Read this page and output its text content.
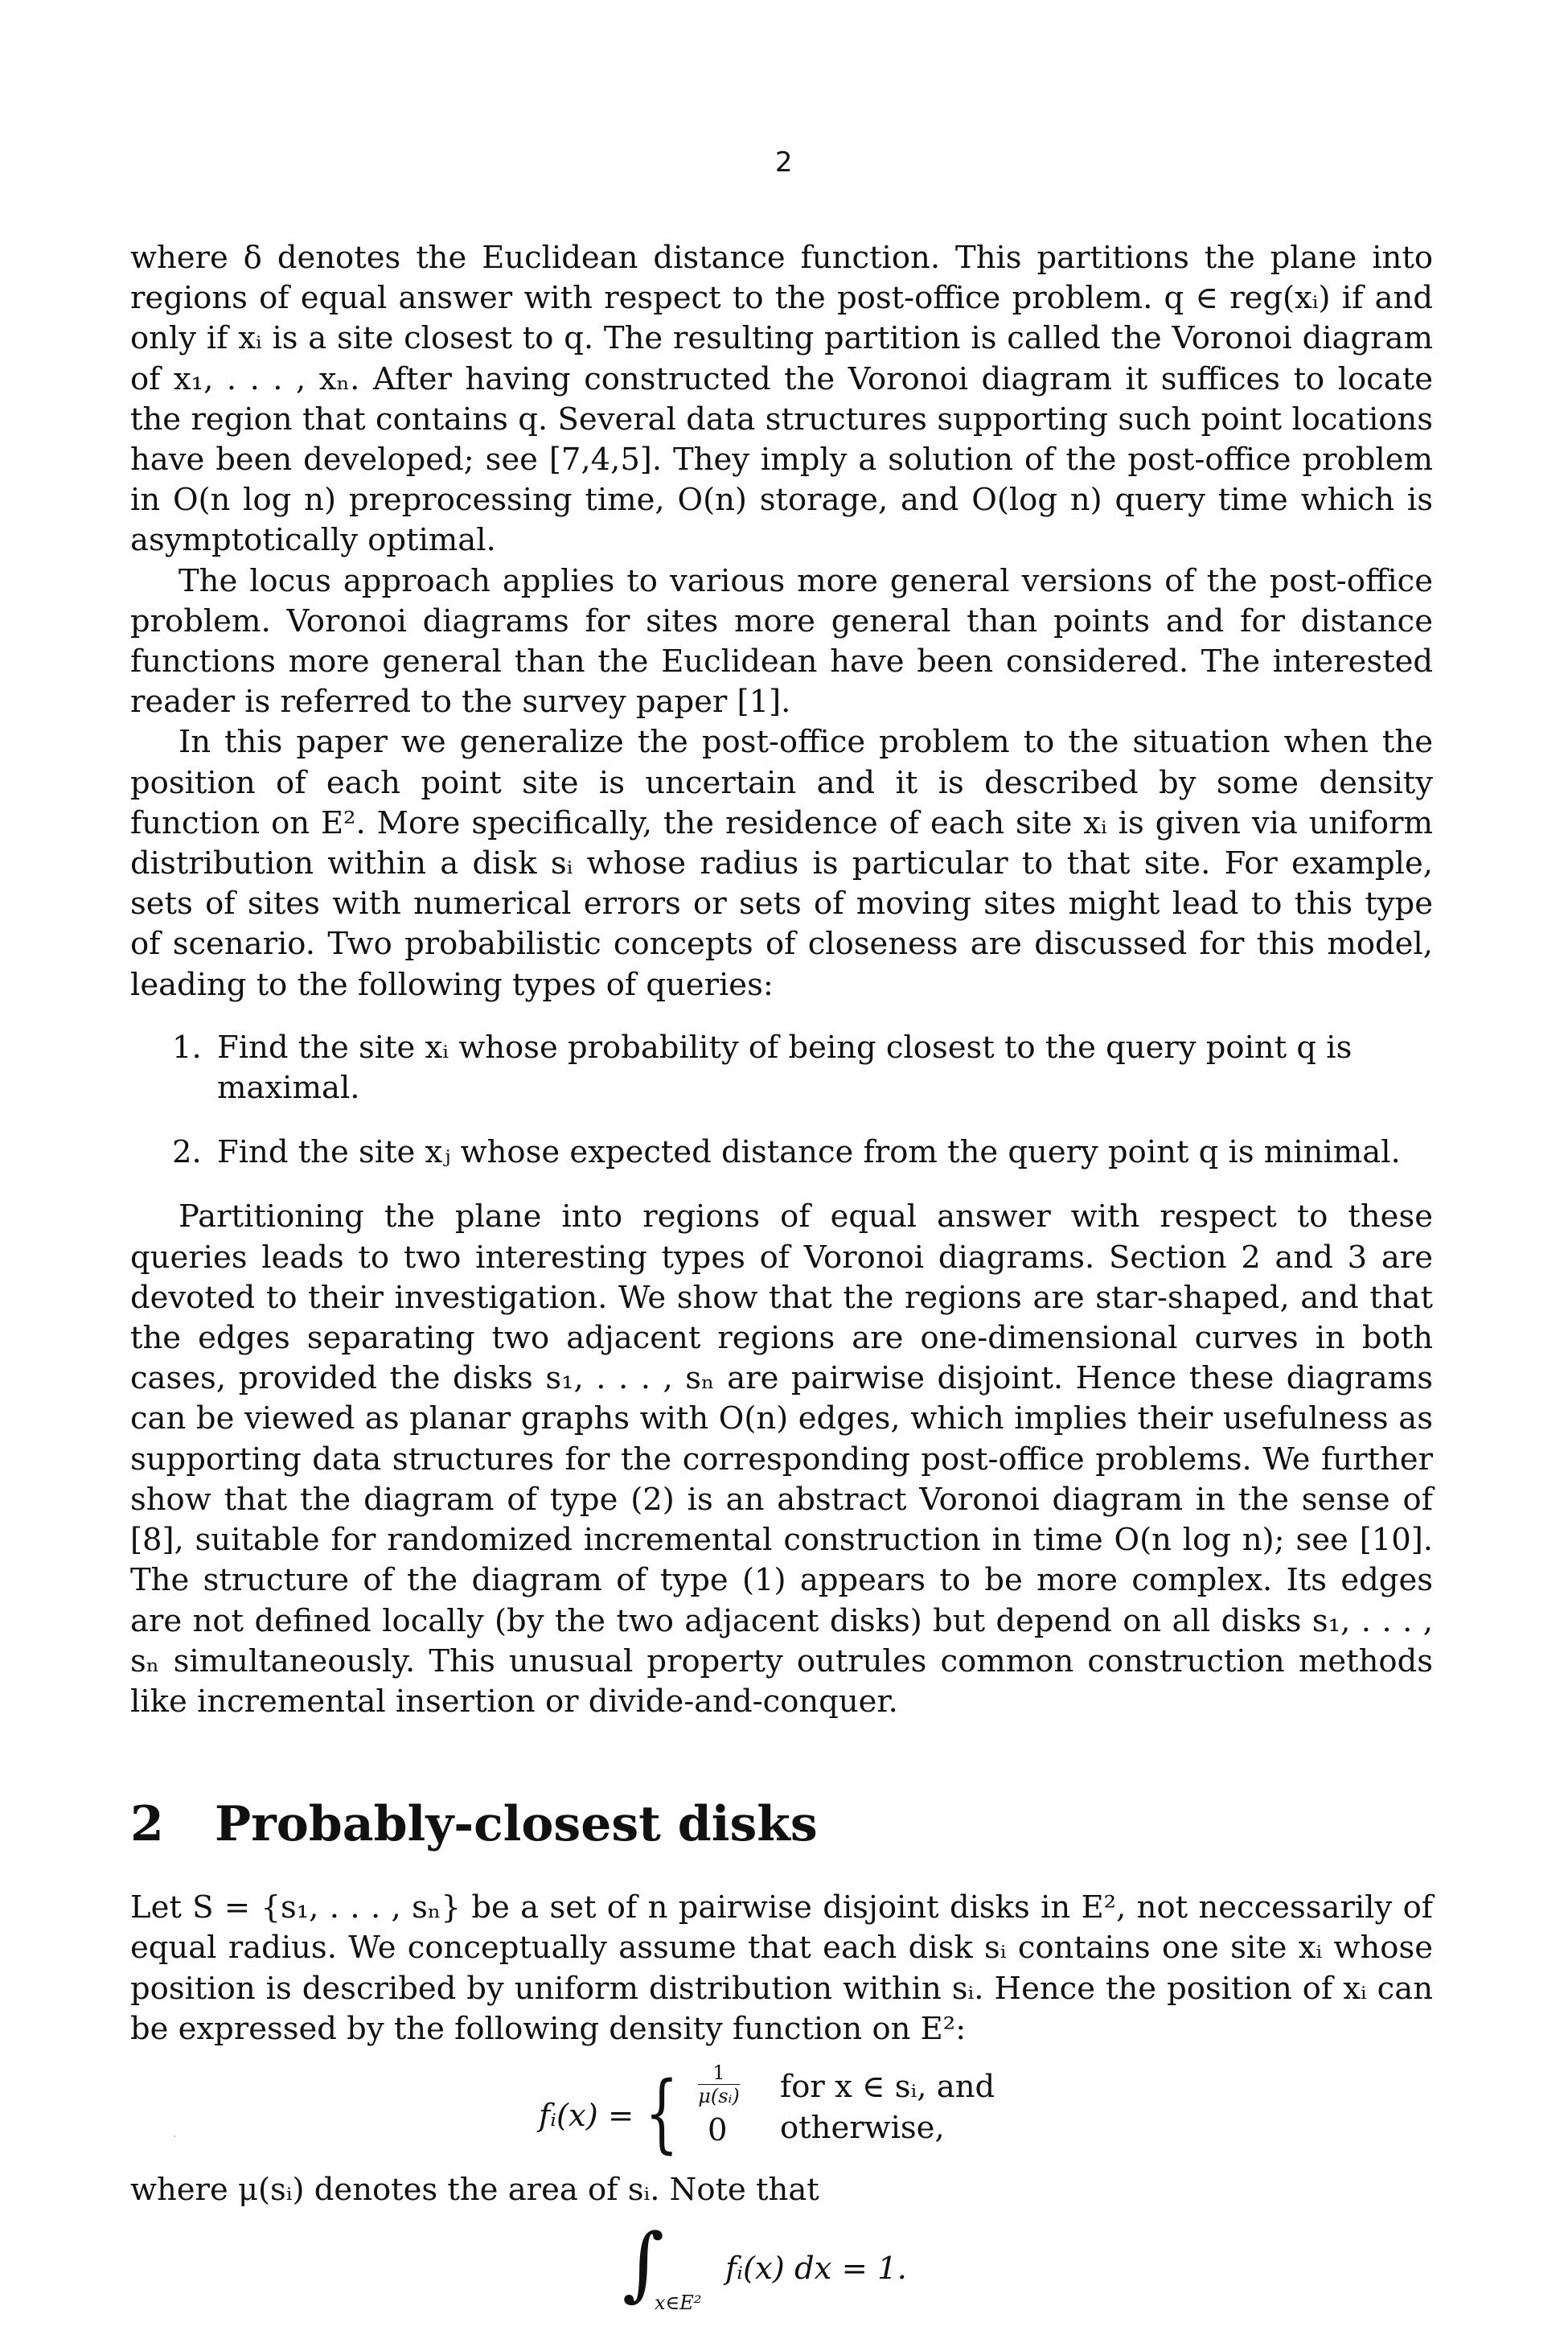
2

where δ denotes the Euclidean distance function. This partitions the plane into regions of equal answer with respect to the post-office problem. q ∈ reg(xᵢ) if and only if xᵢ is a site closest to q. The resulting partition is called the Voronoi diagram of x₁, . . . , xₙ. After having constructed the Voronoi diagram it suffices to locate the region that contains q. Several data structures supporting such point locations have been developed; see [7,4,5]. They imply a solution of the post-office problem in O(n log n) preprocessing time, O(n) storage, and O(log n) query time which is asymptotically optimal.

The locus approach applies to various more general versions of the post-office problem. Voronoi diagrams for sites more general than points and for distance functions more general than the Euclidean have been considered. The interested reader is referred to the survey paper [1].

In this paper we generalize the post-office problem to the situation when the position of each point site is uncertain and it is described by some density function on E². More specifically, the residence of each site xᵢ is given via uniform distribution within a disk sᵢ whose radius is particular to that site. For example, sets of sites with numerical errors or sets of moving sites might lead to this type of scenario. Two probabilistic concepts of closeness are discussed for this model, leading to the following types of queries:

1. Find the site xᵢ whose probability of being closest to the query point q is maximal.
2. Find the site xⱼ whose expected distance from the query point q is minimal.

Partitioning the plane into regions of equal answer with respect to these queries leads to two interesting types of Voronoi diagrams. Section 2 and 3 are devoted to their investigation. We show that the regions are star-shaped, and that the edges separating two adjacent regions are one-dimensional curves in both cases, provided the disks s₁, . . . , sₙ are pairwise disjoint. Hence these diagrams can be viewed as planar graphs with O(n) edges, which implies their usefulness as supporting data structures for the corresponding post-office problems. We further show that the diagram of type (2) is an abstract Voronoi diagram in the sense of [8], suitable for randomized incremental construction in time O(n log n); see [10]. The structure of the diagram of type (1) appears to be more complex. Its edges are not defined locally (by the two adjacent disks) but depend on all disks s₁, . . . , sₙ simultaneously. This unusual property outrules common construction methods like incremental insertion or divide-and-conquer.

2 Probably-closest disks

Let S = {s₁, . . . , sₙ} be a set of n pairwise disjoint disks in E², not neccessarily of equal radius. We conceptually assume that each disk sᵢ contains one site xᵢ whose position is described by uniform distribution within sᵢ. Hence the position of xᵢ can be expressed by the following density function on E²:

fᵢ(x) = {	1
μ(sᵢ)
0
for x ∈ sᵢ, and
otherwise,

where μ(sᵢ) denotes the area of sᵢ. Note that

∫
x∈E²
fᵢ(x) dx = 1.
